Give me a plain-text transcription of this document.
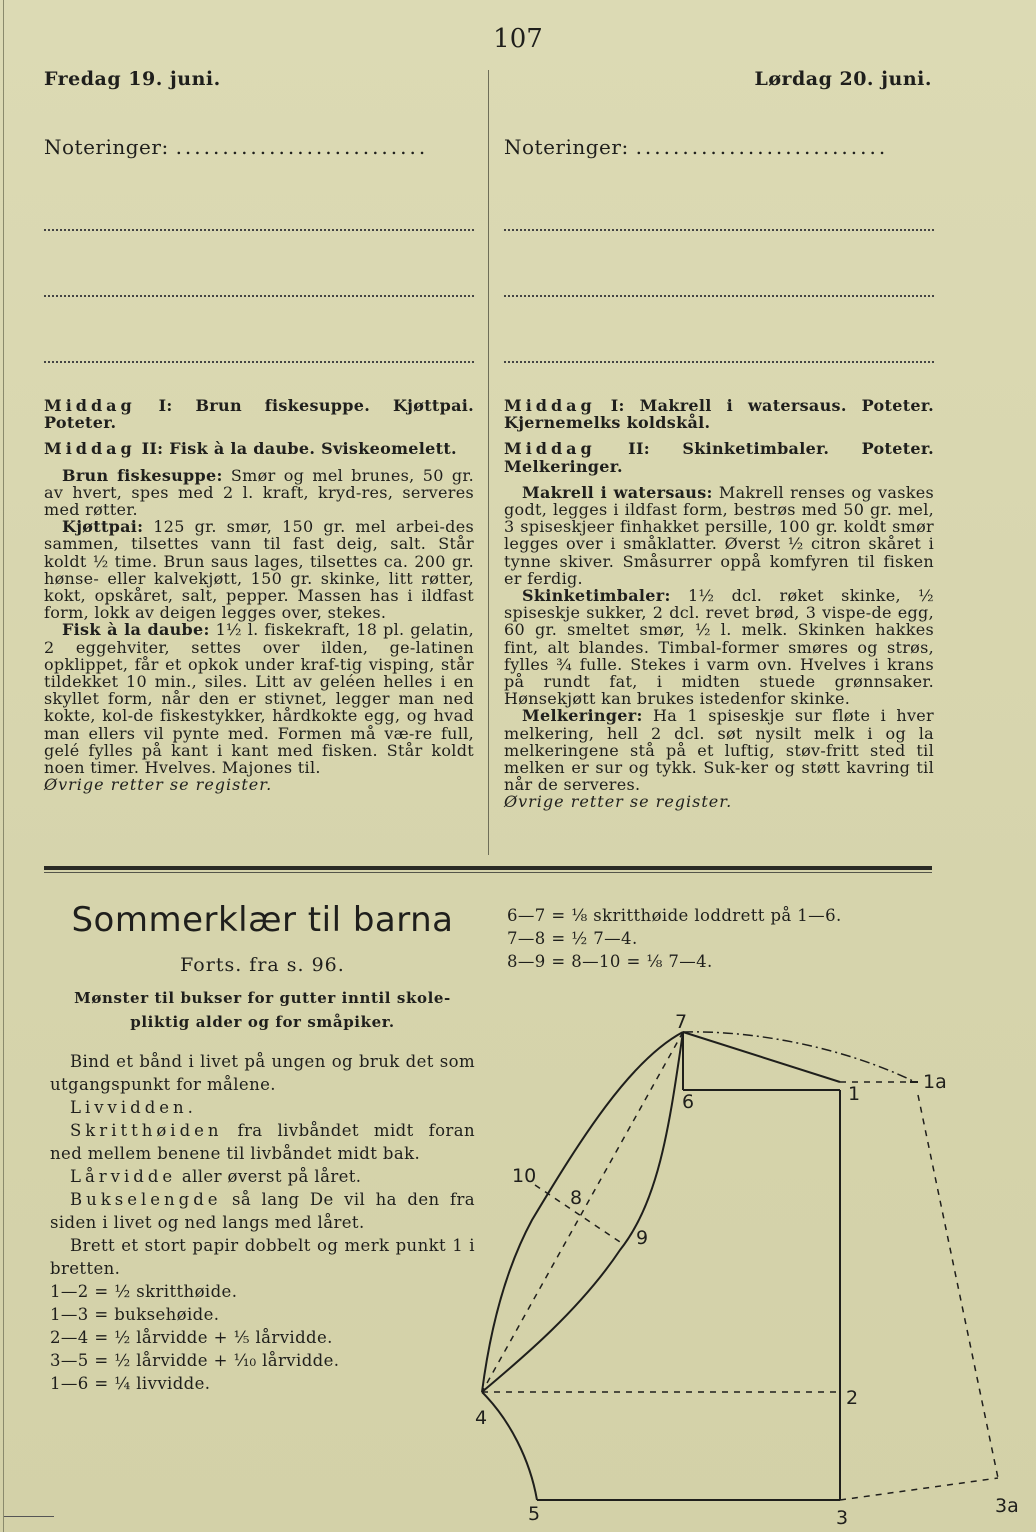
107
Fredag 19. juni.	Lørdag 20. juni.
Noteringer: ...........................

Middag I: Brun fiskesuppe. Kjøttpai. Poteter.

Middag II: Fisk à la daube. Sviskeomelett.

Brun fiskesuppe: Smør og mel brunes, 50 gr. av hvert, spes med 2 l. kraft, kryd-res, serveres med røtter.

Kjøttpai: 125 gr. smør, 150 gr. mel arbei-des sammen, tilsettes vann til fast deig, salt. Står koldt ½ time. Brun saus lages, tilsettes ca. 200 gr. hønse- eller kalvekjøtt, 150 gr. skinke, litt røtter, kokt, opskåret, salt, pepper. Massen has i ildfast form, lokk av deigen legges over, stekes.

Fisk à la daube: 1½ l. fiskekraft, 18 pl. gelatin, 2 eggehviter, settes over ilden, ge-latinen opklippet, får et opkok under kraf-tig visping, står tildekket 10 min., siles. Litt av geléen helles i en skyllet form, når den er stivnet, legger man ned kokte, kol-de fiskestykker, hårdkokte egg, og hvad man ellers vil pynte med. Formen må væ-re full, gelé fylles på kant i kant med fisken. Står koldt noen timer. Hvelves. Majones til.

Øvrige retter se register.

Noteringer: ...........................

Middag I: Makrell i watersaus. Poteter. Kjernemelks koldskål.

Middag II: Skinketimbaler. Poteter. Melkeringer.

Makrell i watersaus: Makrell renses og vaskes godt, legges i ildfast form, bestrøs med 50 gr. mel, 3 spiseskjeer finhakket persille, 100 gr. koldt smør legges over i småklatter. Øverst ½ citron skåret i tynne skiver. Småsurrer oppå komfyren til fisken er ferdig.

Skinketimbaler: 1½ dcl. røket skinke, ½ spiseskje sukker, 2 dcl. revet brød, 3 vispe-de egg, 60 gr. smeltet smør, ½ l. melk. Skinken hakkes fint, alt blandes. Timbal-former smøres og strøs, fylles ¾ fulle. Stekes i varm ovn. Hvelves i krans på rundt fat, i midten stuede grønnsaker. Hønsekjøtt kan brukes istedenfor skinke.

Melkeringer: Ha 1 spiseskje sur fløte i hver melkering, hell 2 dcl. søt nysilt melk i og la melkeringene stå på et luftig, støv-fritt sted til melken er sur og tykk. Suk-ker og støtt kavring til når de serveres.

Øvrige retter se register.

Sommerklær til barna
Forts. fra s. 96.
Mønster til bukser for gutter inntil skole-pliktig alder og for småpiker.

Bind et bånd i livet på ungen og bruk det som utgangspunkt for målene.

Livvidden.

Skritthøiden fra livbåndet midt foran ned mellem benene til livbåndet midt bak.

Lårvidde aller øverst på låret.

Bukselengde så lang De vil ha den fra siden i livet og ned langs med låret.

Brett et stort papir dobbelt og merk punkt 1 i bretten.

1—2 = ½ skritthøide.

1—3 = buksehøide.

2—4 = ½ lårvidde + ⅕ lårvidde.

3—5 = ½ lårvidde + ⅒ lårvidde.

1—6 = ¼ livvidde.

6—7 = ⅛ skritthøide loddrett på 1—6.
7—8 = ½ 7—4.
8—9 = 8—10 = ⅛ 7—4.
7
6	1
1a
10
8
9
2
4
5	3
3a
